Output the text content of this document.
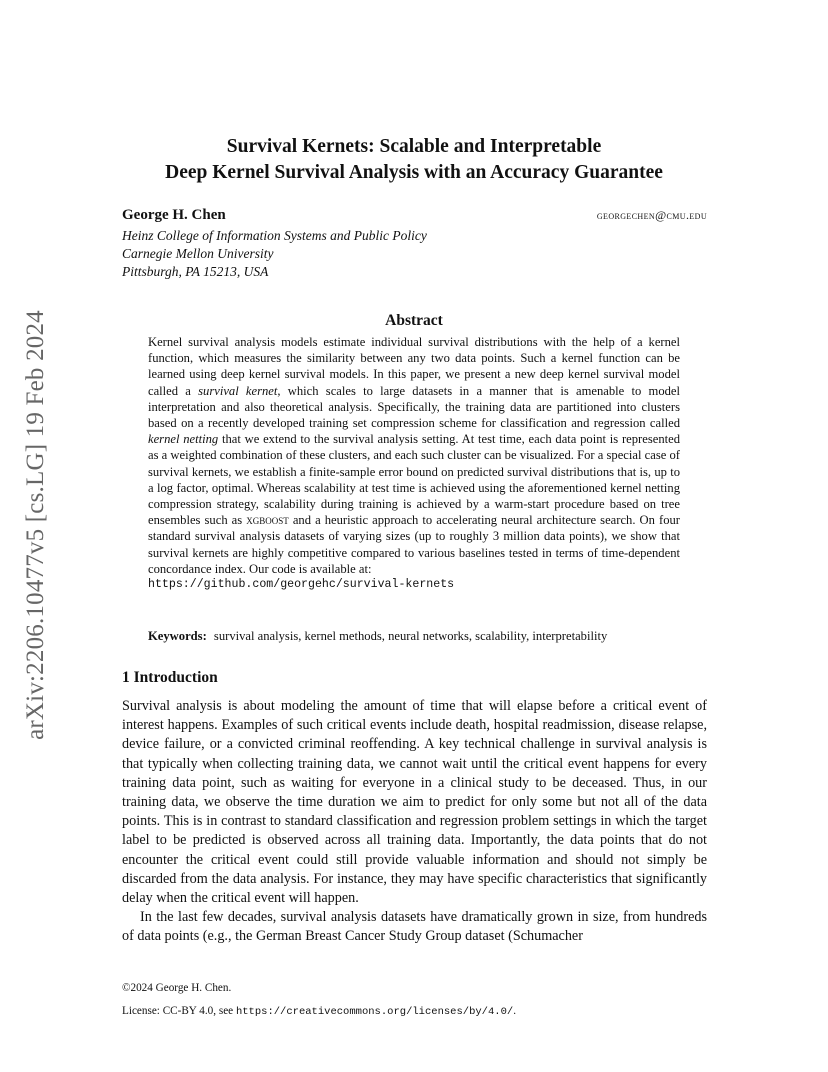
arXiv:2206.10477v5 [cs.LG] 19 Feb 2024
Survival Kernets: Scalable and Interpretable
Deep Kernel Survival Analysis with an Accuracy Guarantee
George H. Chen	georgechen@cmu.edu
Heinz College of Information Systems and Public Policy
Carnegie Mellon University
Pittsburgh, PA 15213, USA
Abstract

Kernel survival analysis models estimate individual survival distributions with the help of a kernel function, which measures the similarity between any two data points. Such a kernel function can be learned using deep kernel survival models. In this paper, we present a new deep kernel survival model called a survival kernet, which scales to large datasets in a manner that is amenable to model interpretation and also theoretical analysis. Specifically, the training data are partitioned into clusters based on a recently developed training set compression scheme for classification and regression called kernel netting that we extend to the survival analysis setting. At test time, each data point is represented as a weighted combination of these clusters, and each such cluster can be visualized. For a special case of survival kernets, we establish a finite-sample error bound on predicted survival distributions that is, up to a log factor, optimal. Whereas scalability at test time is achieved using the aforementioned kernel netting compression strategy, scalability during training is achieved by a warm-start procedure based on tree ensembles such as xgboost and a heuristic approach to accelerating neural architecture search. On four standard survival analysis datasets of varying sizes (up to roughly 3 million data points), we show that survival kernets are highly competitive compared to various baselines tested in terms of time-dependent concordance index. Our code is available at:

https://github.com/georgehc/survival-kernets
Keywords: survival analysis, kernel methods, neural networks, scalability, interpretability
1 Introduction

Survival analysis is about modeling the amount of time that will elapse before a critical event of interest happens. Examples of such critical events include death, hospital readmission, disease relapse, device failure, or a convicted criminal reoffending. A key technical challenge in survival analysis is that typically when collecting training data, we cannot wait until the critical event happens for every training data point, such as waiting for everyone in a clinical study to be deceased. Thus, in our training data, we observe the time duration we aim to predict for only some but not all of the data points. This is in contrast to standard classification and regression problem settings in which the target label to be predicted is observed across all training data. Importantly, the data points that do not encounter the critical event could still provide valuable information and should not simply be discarded from the data analysis. For instance, they may have specific characteristics that significantly delay when the critical event will happen.

In the last few decades, survival analysis datasets have dramatically grown in size, from hundreds of data points (e.g., the German Breast Cancer Study Group dataset (Schumacher

©2024 George H. Chen.
License: CC-BY 4.0, see https://creativecommons.org/licenses/by/4.0/.
